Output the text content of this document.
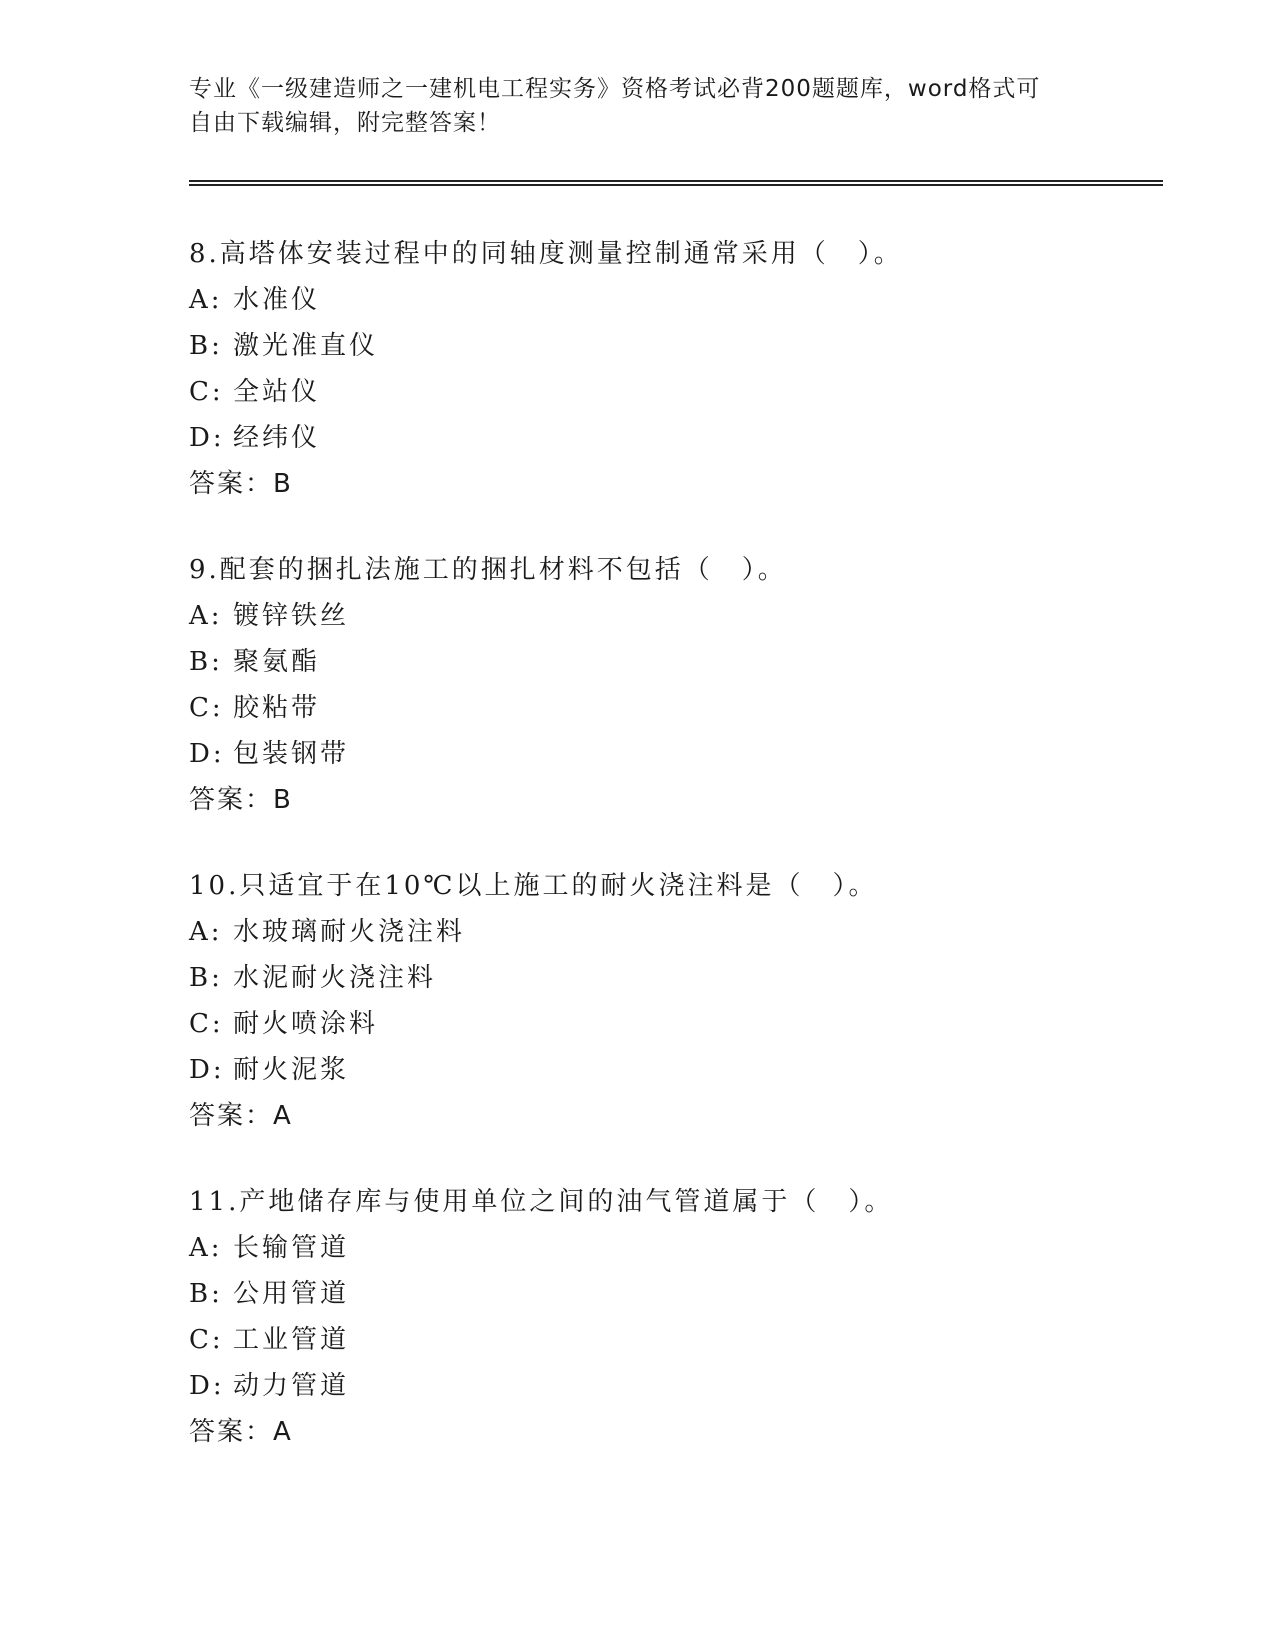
专业《一级建造师之一建机电工程实务》资格考试必背200题题库，word格式可
自由下载编辑，附完整答案！
8.高塔体安装过程中的同轴度测量控制通常采用（　）。
A: 水准仪
B: 激光准直仪
C: 全站仪
D: 经纬仪
答案：B
9.配套的捆扎法施工的捆扎材料不包括（　）。
A: 镀锌铁丝
B: 聚氨酯
C: 胶粘带
D: 包装钢带
答案：B
10.只适宜于在10℃以上施工的耐火浇注料是（　）。
A: 水玻璃耐火浇注料
B: 水泥耐火浇注料
C: 耐火喷涂料
D: 耐火泥浆
答案：A
11.产地储存库与使用单位之间的油气管道属于（　）。
A: 长输管道
B: 公用管道
C: 工业管道
D: 动力管道
答案：A
